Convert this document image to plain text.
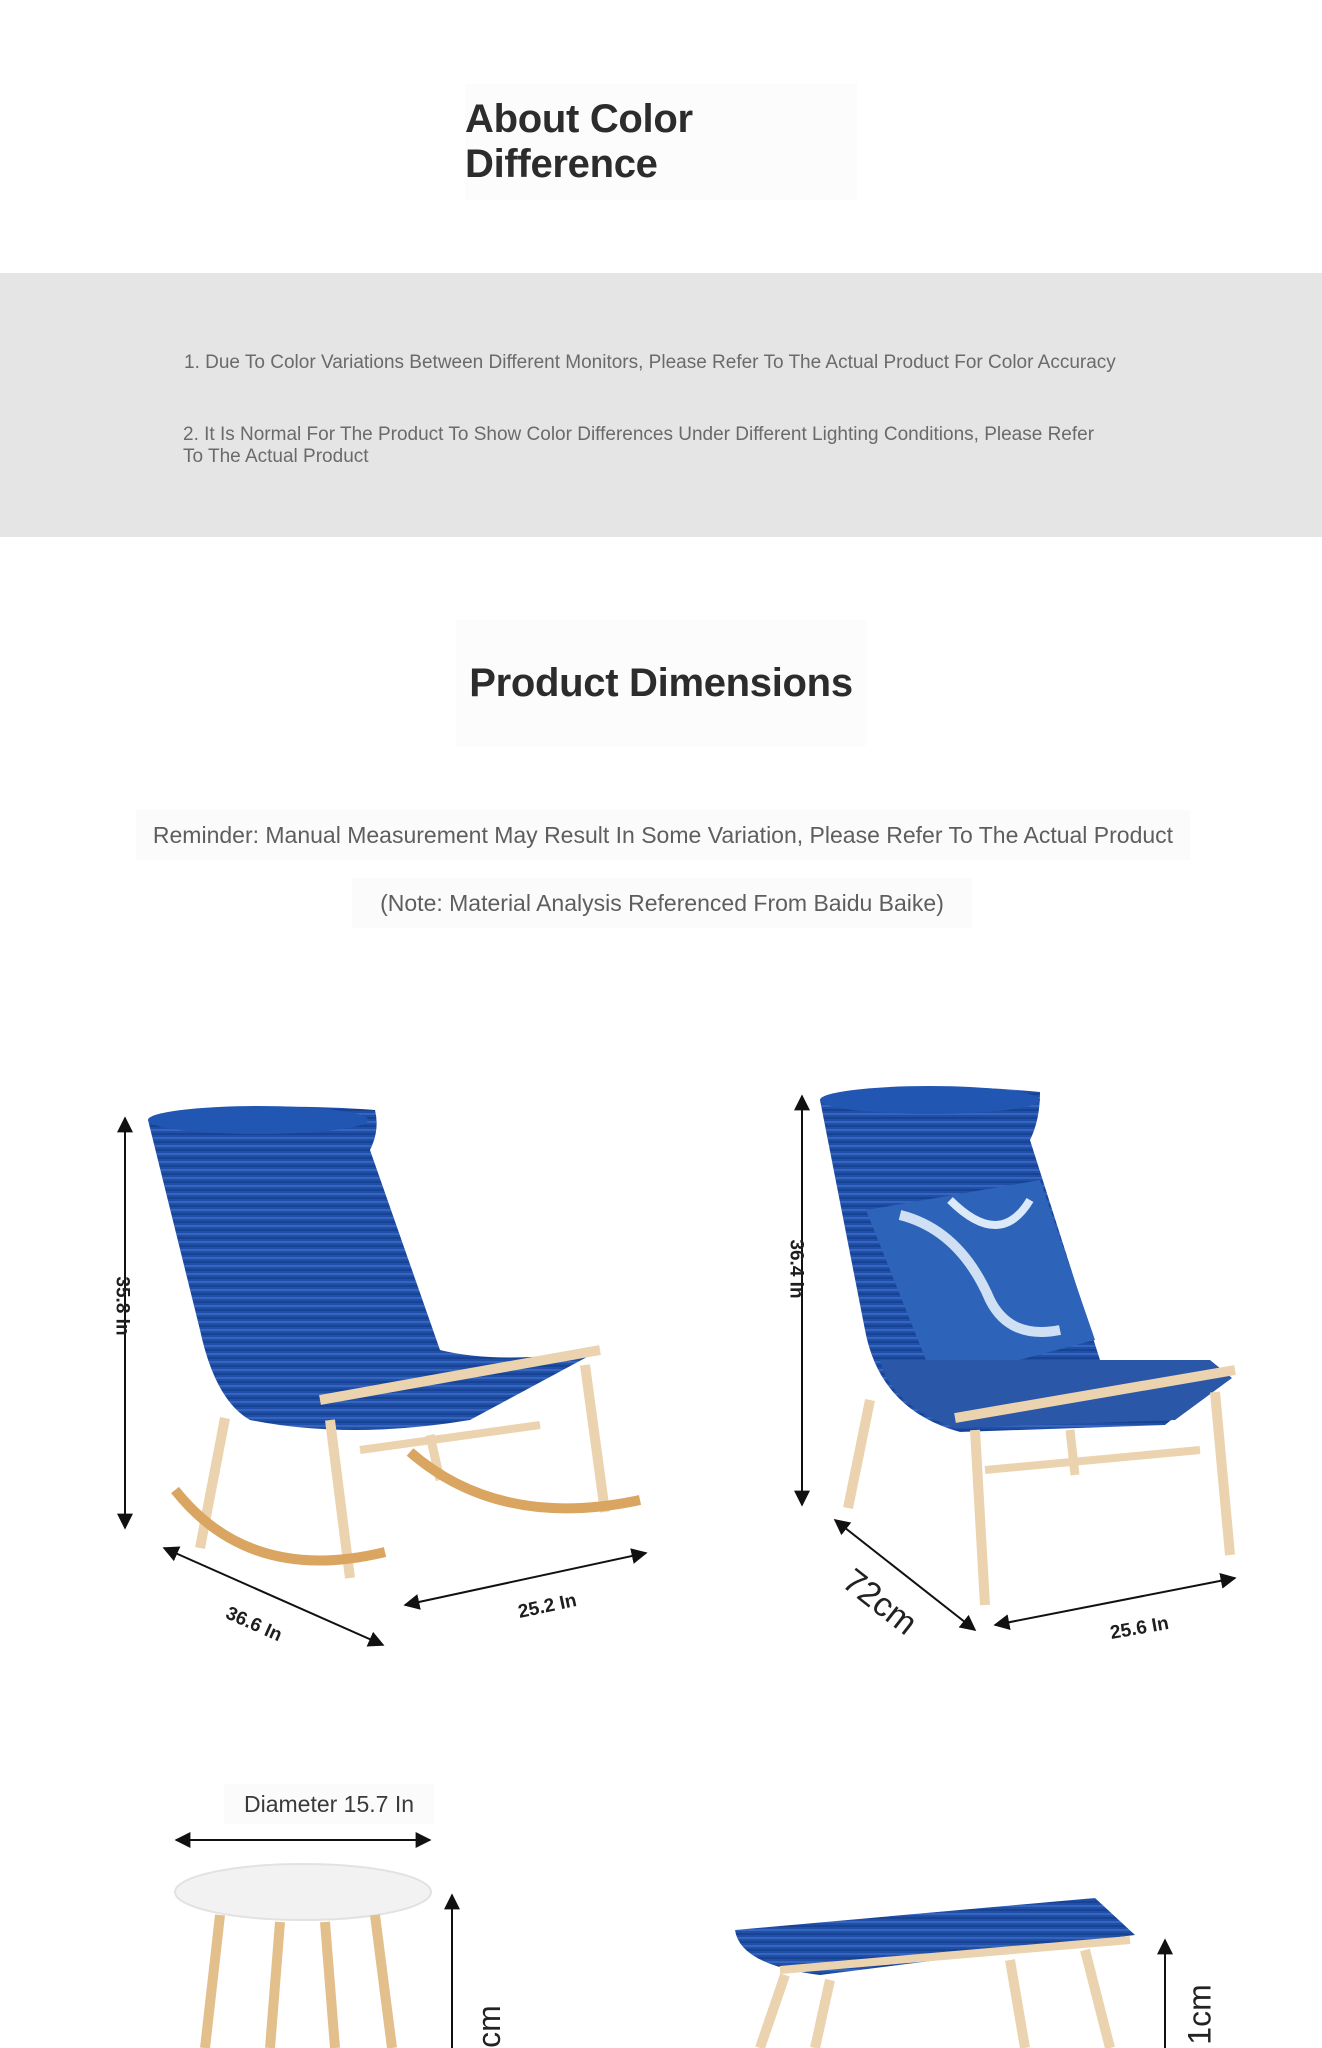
About Color Difference
1. Due To Color Variations Between Different Monitors, Please Refer To The Actual Product For Color Accuracy
2. It Is Normal For The Product To Show Color Differences Under Different Lighting Conditions, Please Refer To The Actual Product
Product Dimensions
Reminder: Manual Measurement May Result In Some Variation, Please Refer To The Actual Product
(Note: Material Analysis Referenced From Baidu Baike)
35.8 In
36.6 In	25.2 In
36.4 In
72cm	25.6 In
Diameter 15.7 In
cm	1cm
